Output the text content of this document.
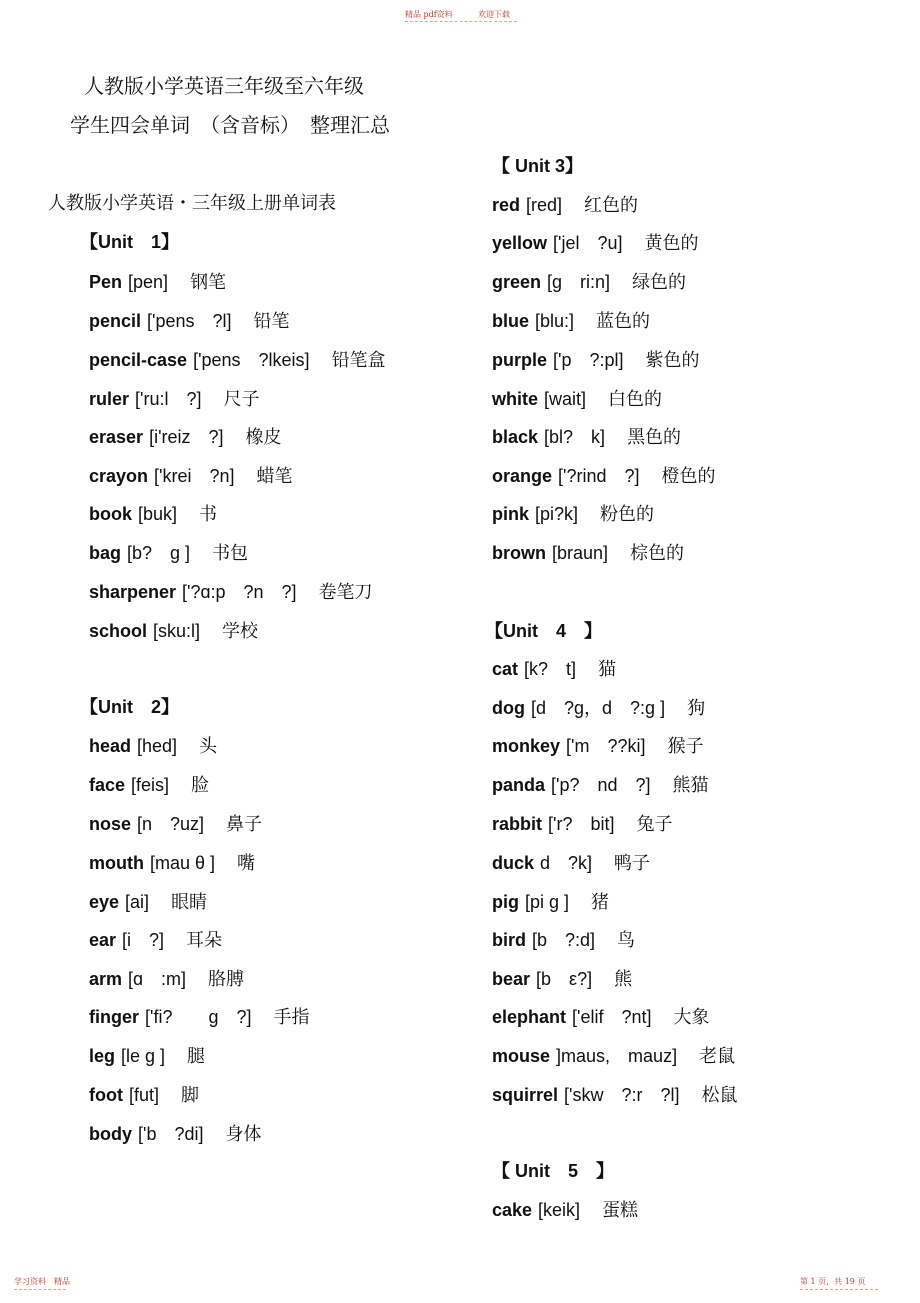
精品 pdf资料	欢迎下载
人教版小学英语三年级至六年级
学生四会单词　（含音标）　整理汇总
人教版小学英语・三年级上册单词表
【Unit　1】
Pen [pen] 钢笔
pencil ['pens　?l] 铅笔
pencil-case ['pens　?lkeis] 铅笔盒
ruler ['ru:l　?] 尺子
eraser [i'reiz　?] 橡皮
crayon ['krei　?n] 蜡笔
book [buk] 书
bag [b?　ɡ ] 书包
sharpener ['?ɑ:p　?n　?] 卷笔刀
school [sku:l] 学校
【Unit　2】
head [hed] 头
face [feis] 脸
nose [n　?uz] 鼻子
mouth [mau θ ] 嘴
eye [ai] 眼睛
ear [i　?] 耳朵
arm [ɑ　:m] 胳膊
finger ['fi?　　ɡ　?] 手指
leg [le ɡ ] 腿
foot [fut] 脚
body ['b　?di] 身体
【 Unit 3】
red [red] 红色的
yellow ['jel　?u] 黄色的
green [ɡ　ri:n] 绿色的
blue [blu:] 蓝色的
purple ['p　?:pl] 紫色的
white [wait] 白色的
black [bl?　k] 黑色的
orange ['?rind　?] 橙色的
pink [pi?k] 粉色的
brown [braun] 棕色的
【Unit　4　】
cat [k?　t] 猫
dog [d　?ɡ，d　?:ɡ ] 狗
monkey ['m　??ki] 猴子
panda ['p?　nd　?] 熊猫
rabbit ['r?　bit] 兔子
duck d　?k] 鸭子
pig [pi ɡ ] 猪
bird [b　?:d] 鸟
bear [b　ε?] 熊
elephant ['elif　?nt] 大象
mouse ]maus,　mauz] 老鼠
squirrel ['skw　?:r　?l] 松鼠
【 Unit　5　】
cake [keik] 蛋糕
学习资料　精品	第 1 页，共 19 页
